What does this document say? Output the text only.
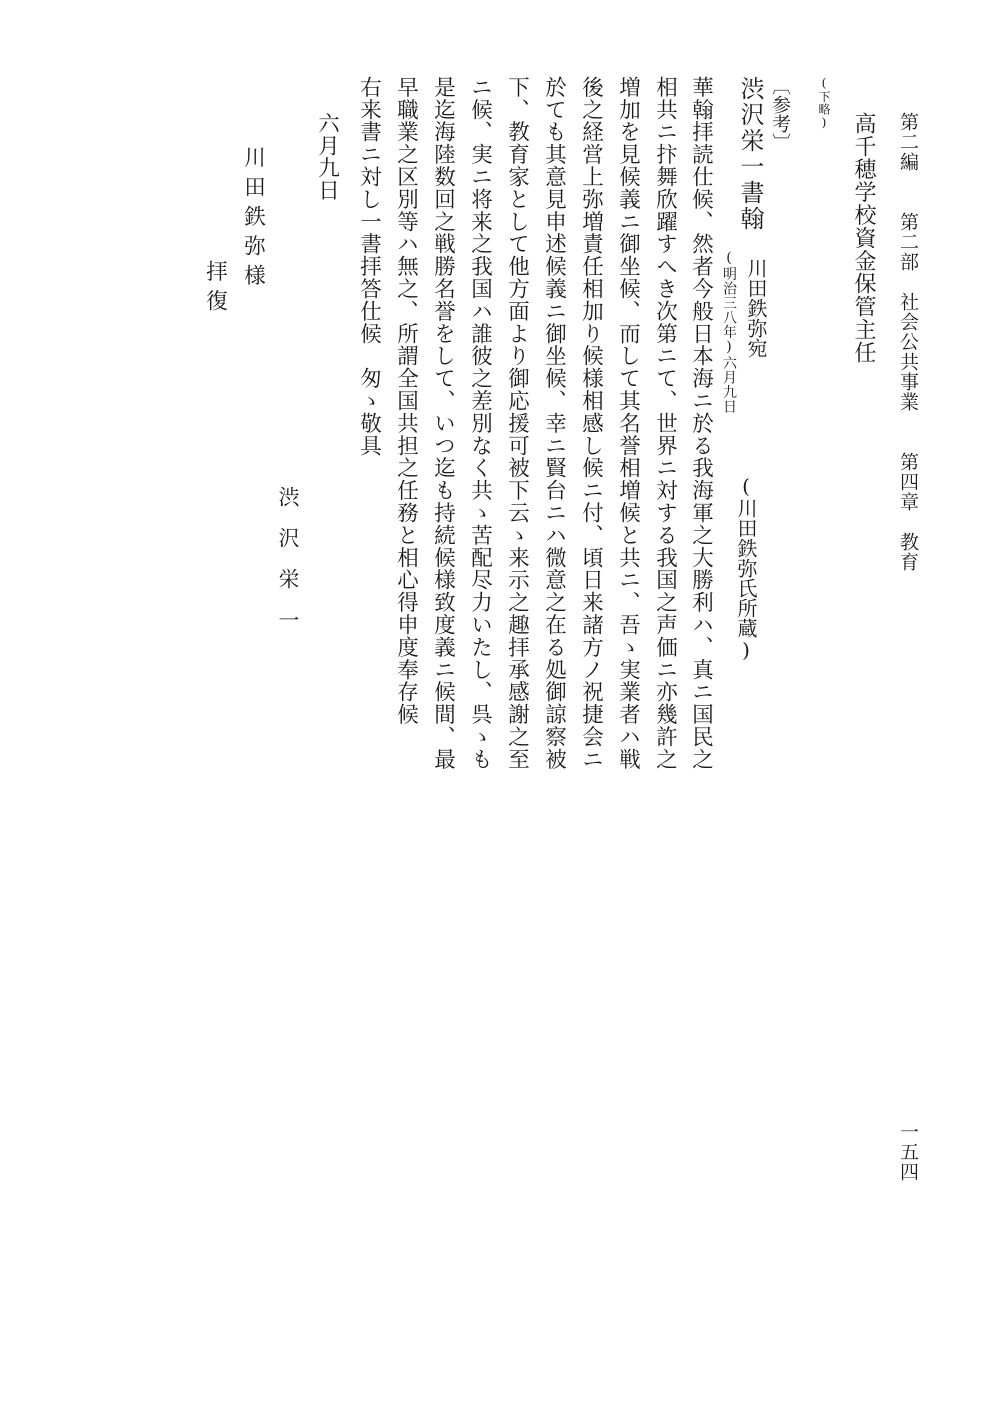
第二編　　第二部　社会公共事業　　第四章　教育
高千穂学校資金保管主任
(下略)
〔参考〕
渋沢栄一書翰
川田鉄弥宛
(明治三八年)六月九日
(川田鉄弥氏所蔵)
華翰拝読仕候、然者今般日本海ニ於る我海軍之大勝利ハ、真ニ国民之
相共ニ抃舞欣躍すへき次第ニて、世界ニ対する我国之声価ニ亦幾許之
増加を見候義ニ御坐候、而して其名誉相増候と共ニ、吾ゝ実業者ハ戦
後之経営上弥増責任相加り候様相感し候ニ付、頃日来諸方ノ祝捷会ニ
於ても其意見申述候義ニ御坐候、幸ニ賢台ニハ微意之在る処御諒察被
下、教育家として他方面より御応援可被下云ゝ来示之趣拝承感謝之至
ニ候、実ニ将来之我国ハ誰彼之差別なく共ゝ苦配尽力いたし、呉ゝも
是迄海陸数回之戦勝名誉をして、いつ迄も持続候様致度義ニ候間、最
早職業之区別等ハ無之、所謂全国共担之任務と相心得申度奉存候
右来書ニ対し一書拝答仕候　匆ゝ敬具
六月九日
渋沢栄一
川田鉄弥様
拝復
一五四
